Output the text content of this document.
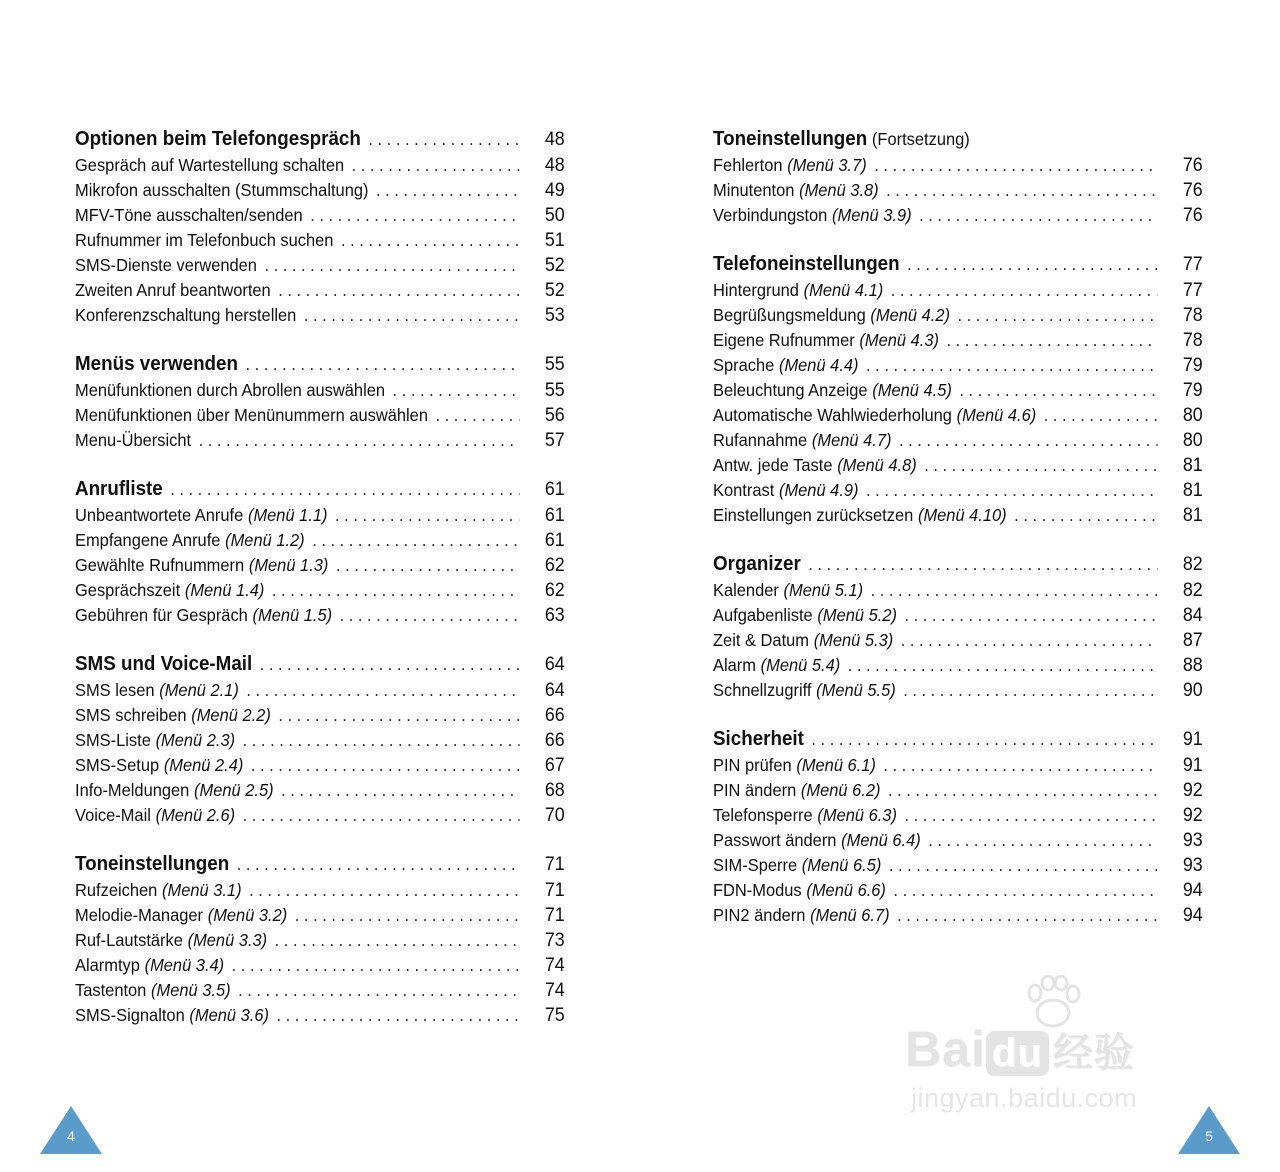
Optionen beim Telefongespräch . . .	48
Gespräch auf Wartestellung schalten . . .	48
Mikrofon ausschalten (Stummschaltung) . . .	49
MFV-Töne ausschalten/senden . . .	50
Rufnummer im Telefonbuch suchen . . .	51
SMS-Dienste verwenden . . .	52
Zweiten Anruf beantworten . . .	52
Konferenzschaltung herstellen . . .	53
Menüs verwenden . . .	55
Menüfunktionen durch Abrollen auswählen . . .	55
Menüfunktionen über Menünummern auswählen . . .	56
Menu-Übersicht . . .	57
Anrufliste . . .	61
Unbeantwortete Anrufe (Menü 1.1) . . .	61
Empfangene Anrufe (Menü 1.2) . . .	61
Gewählte Rufnummern (Menü 1.3) . . .	62
Gesprächszeit (Menü 1.4) . . .	62
Gebühren für Gespräch (Menü 1.5) . . .	63
SMS und Voice-Mail . . .	64
SMS lesen (Menü 2.1) . . .	64
SMS schreiben (Menü 2.2) . . .	66
SMS-Liste (Menü 2.3) . . .	66
SMS-Setup (Menü 2.4) . . .	67
Info-Meldungen (Menü 2.5) . . .	68
Voice-Mail (Menü 2.6) . . .	70
Toneinstellungen . . .	71
Rufzeichen (Menü 3.1) . . .	71
Melodie-Manager (Menü 3.2) . . .	71
Ruf-Lautstärke (Menü 3.3) . . .	73
Alarmtyp (Menü 3.4) . . .	74
Tastenton (Menü 3.5) . . .	74
SMS-Signalton (Menü 3.6) . . .	75
Toneinstellungen (Fortsetzung)
Fehlerton (Menü 3.7) . . .	76
Minutenton (Menü 3.8) . . .	76
Verbindungston (Menü 3.9) . . .	76
Telefoneinstellungen . . .	77
Hintergrund (Menü 4.1) . . .	77
Begrüßungsmeldung (Menü 4.2) . . .	78
Eigene Rufnummer (Menü 4.3) . . .	78
Sprache (Menü 4.4) . . .	79
Beleuchtung Anzeige (Menü 4.5) . . .	79
Automatische Wahlwiederholung (Menü 4.6) . . .	80
Rufannahme (Menü 4.7) . . .	80
Antw. jede Taste (Menü 4.8) . . .	81
Kontrast (Menü 4.9) . . .	81
Einstellungen zurücksetzen (Menü 4.10) . . .	81
Organizer . . .	82
Kalender (Menü 5.1) . . .	82
Aufgabenliste (Menü 5.2) . . .	84
Zeit & Datum (Menü 5.3) . . .	87
Alarm (Menü 5.4) . . .	88
Schnellzugriff (Menü 5.5) . . .	90
Sicherheit . . .	91
PIN prüfen (Menü 6.1) . . .	91
PIN ändern (Menü 6.2) . . .	92
Telefonsperre (Menü 6.3) . . .	92
Passwort ändern (Menü 6.4) . . .	93
SIM-Sperre (Menü 6.5) . . .	93
FDN-Modus (Menü 6.6) . . .	94
PIN2 ändern (Menü 6.7) . . .	94
4	5
Bai du 经验
jingyan.baidu.com
